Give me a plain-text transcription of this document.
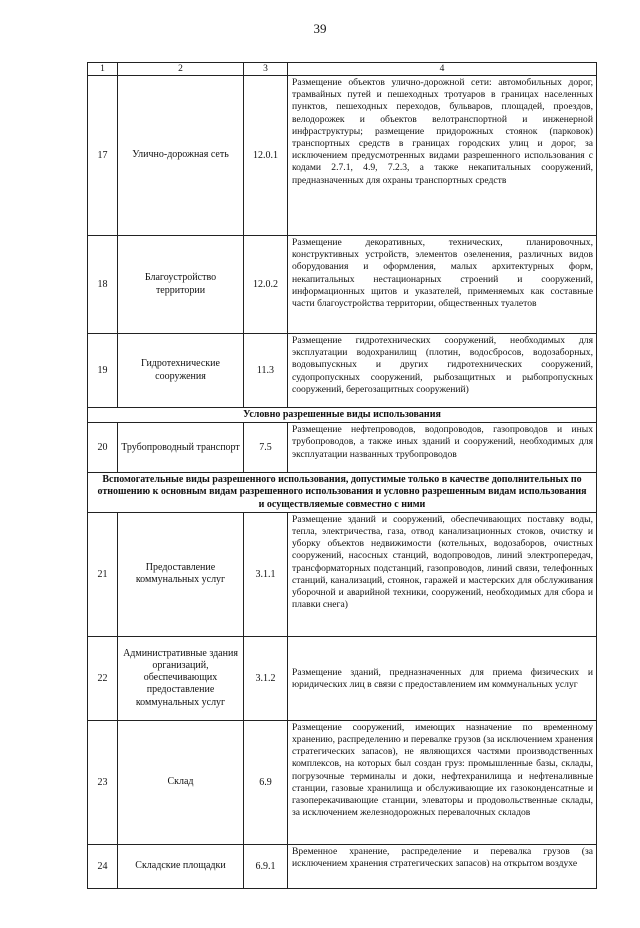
39
1	2	3	4
17	Улично-дорожная сеть	12.0.1	Размещение объектов улично-дорожной сети: автомобильных дорог, трамвайных путей и пешеходных тротуаров в границах населенных пунктов, пешеходных переходов, бульваров, площадей, проездов, велодорожек и объектов велотранспортной и инженерной инфраструктуры; размещение придорожных стоянок (парковок) транспортных средств в границах городских улиц и дорог, за исключением предусмотренных видами разрешенного использования с кодами 2.7.1, 4.9, 7.2.3, а также некапитальных сооружений, предназначенных для охраны транспортных средств
18	Благоустройство территории	12.0.2	Размещение декоративных, технических, планировочных, конструктивных устройств, элементов озеленения, различных видов оборудования и оформления, малых архитектурных форм, некапитальных нестационарных строений и сооружений, информационных щитов и указателей, применяемых как составные части благоустройства территории, общественных туалетов
19	Гидротехнические сооружения	11.3	Размещение гидротехнических сооружений, необходимых для эксплуатации водохранилищ (плотин, водосбросов, водозаборных, водовыпускных и других гидротехнических сооружений, судопропускных сооружений, рыбозащитных и рыбопропускных сооружений, берегозащитных сооружений)
Условно разрешенные виды использования			
20	Трубопроводный транспорт	7.5	Размещение нефтепроводов, водопроводов, газопроводов и иных трубопроводов, а также иных зданий и сооружений, необходимых для эксплуатации названных трубопроводов
Вспомогательные виды разрешенного использования, допустимые только в качестве дополнительных по отношению к основным видам разрешенного использования и условно разрешенным видам использования и осуществляемые совместно с ними			
21	Предоставление коммунальных услуг	3.1.1	Размещение зданий и сооружений, обеспечивающих поставку воды, тепла, электричества, газа, отвод канализационных стоков, очистку и уборку объектов недвижимости (котельных, водозаборов, очистных сооружений, насосных станций, водопроводов, линий электропередач, трансформаторных подстанций, газопроводов, линий связи, телефонных станций, канализаций, стоянок, гаражей и мастерских для обслуживания уборочной и аварийной техники, сооружений, необходимых для сбора и плавки снега)
22	Административные здания организаций, обеспечивающих предоставление коммунальных услуг	3.1.2	Размещение зданий, предназначенных для приема физических и юридических лиц в связи с предоставлением им коммунальных услуг
23	Склад	6.9	Размещение сооружений, имеющих назначение по временному хранению, распределению и перевалке грузов (за исключением хранения стратегических запасов), не являющихся частями производственных комплексов, на которых был создан груз: промышленные базы, склады, погрузочные терминалы и доки, нефтехранилища и нефтеналивные станции, газовые хранилища и обслуживающие их газоконденсатные и газоперекачивающие станции, элеваторы и продовольственные склады, за исключением железнодорожных перевалочных складов
24	Складские площадки	6.9.1	Временное хранение, распределение и перевалка грузов (за исключением хранения стратегических запасов) на открытом воздухе
